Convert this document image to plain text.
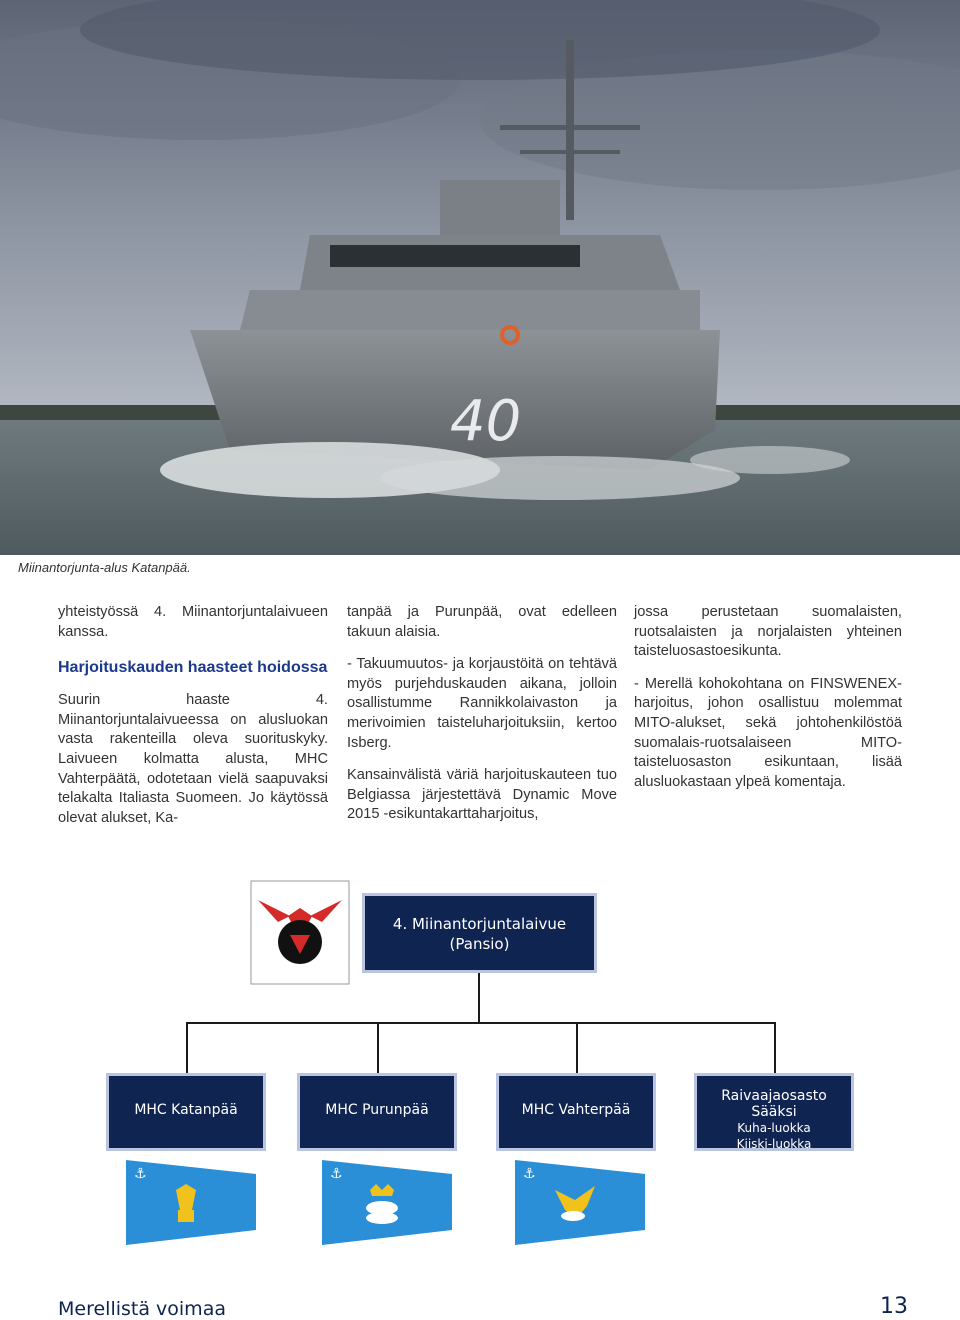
40
Miinantorjunta-alus Katanpää.

yhteistyössä 4. Miinantorjuntalaivueen kanssa.

Harjoituskauden haasteet hoidossa

Suurin haaste 4. Miinantorjuntalaivueessa on alusluokan vasta rakenteilla oleva suorituskyky. Laivueen kolmatta alusta, MHC Vahterpäätä, odotetaan vielä saapuvaksi telakalta Italiasta Suomeen. Jo käytössä olevat alukset, Ka-

tanpää ja Purunpää, ovat edelleen takuun alaisia.

- Takuumuutos- ja korjaustöitä on tehtävä myös purjehduskauden aikana, jolloin osallistumme Rannikkolaivaston ja merivoimien taisteluharjoituksiin, kertoo Isberg.

Kansainvälistä väriä harjoituskauteen tuo Belgiassa järjestettävä Dynamic Move 2015 -esikuntakarttaharjoitus,

jossa perustetaan suomalaisten, ruotsalaisten ja norjalaisten yhteinen taisteluosastoesikunta.

- Merellä kohokohtana on FINSWENEX-harjoitus, johon osallistuu molemmat MITO-alukset, sekä johtohenkilöstöä suomalais-ruotsalaiseen MITO-taisteluosaston esikuntaan, lisää alusluokastaan ylpeä komentaja.

4. Miinantorjuntalaivue
(Pansio)
MHC Katanpää	MHC Purunpää	MHC Vahterpää
Raivaajaosasto Sääksi
Kuha-luokka
Kiiski-luokka
⚓	⚓	⚓
Merellistä voimaa	13
